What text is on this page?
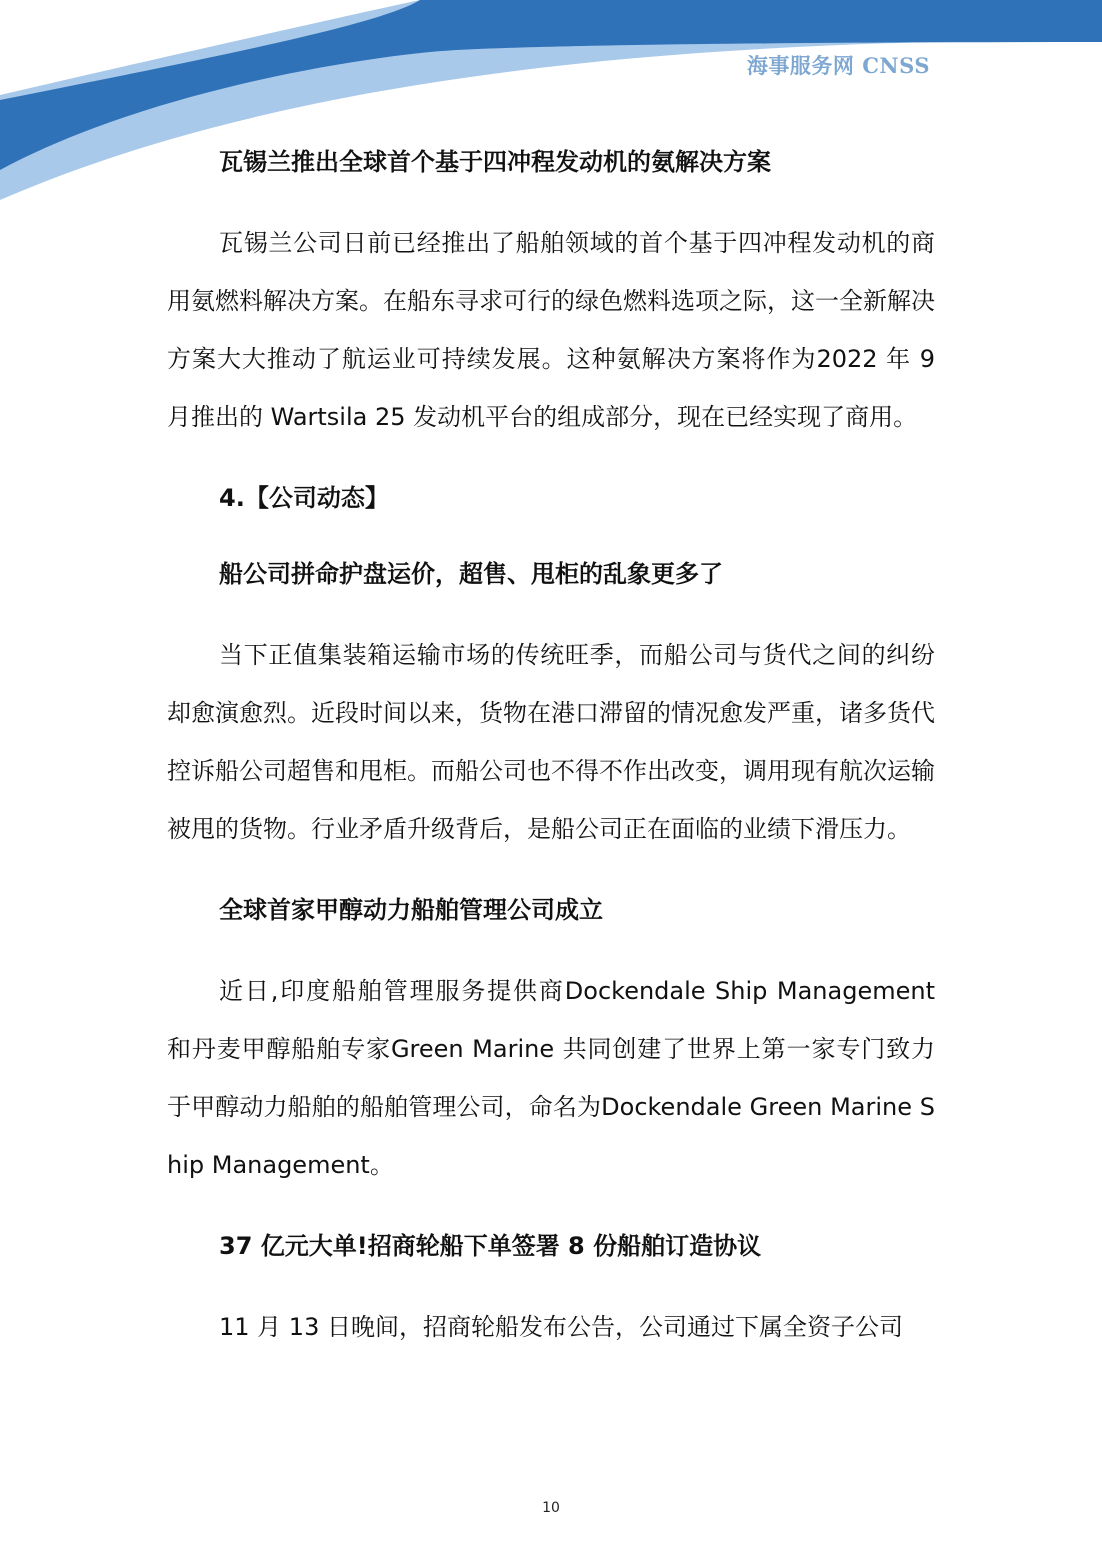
海事服务网 CNSS

瓦锡兰推出全球首个基于四冲程发动机的氨解决方案

瓦锡兰公司日前已经推出了船舶领域的首个基于四冲程发动机的商用氨燃料解决方案。在船东寻求可行的绿色燃料选项之际，这一全新解决方案大大推动了航运业可持续发展。这种氨解决方案将作为2022 年 9 月推出的 Wartsila 25 发动机平台的组成部分，现在已经实现了商用。

4.【公司动态】

船公司拼命护盘运价，超售、甩柜的乱象更多了

当下正值集装箱运输市场的传统旺季，而船公司与货代之间的纠纷却愈演愈烈。近段时间以来，货物在港口滞留的情况愈发严重，诸多货代控诉船公司超售和甩柜。而船公司也不得不作出改变，调用现有航次运输被甩的货物。行业矛盾升级背后，是船公司正在面临的业绩下滑压力。

全球首家甲醇动力船舶管理公司成立

近日,印度船舶管理服务提供商Dockendale Ship Management 和丹麦甲醇船舶专家Green Marine 共同创建了世界上第一家专门致力于甲醇动力船舶的船舶管理公司，命名为Dockendale Green Marine Ship Management。

37 亿元大单!招商轮船下单签署 8 份船舶订造协议

11 月 13 日晚间，招商轮船发布公告，公司通过下属全资子公司

10
